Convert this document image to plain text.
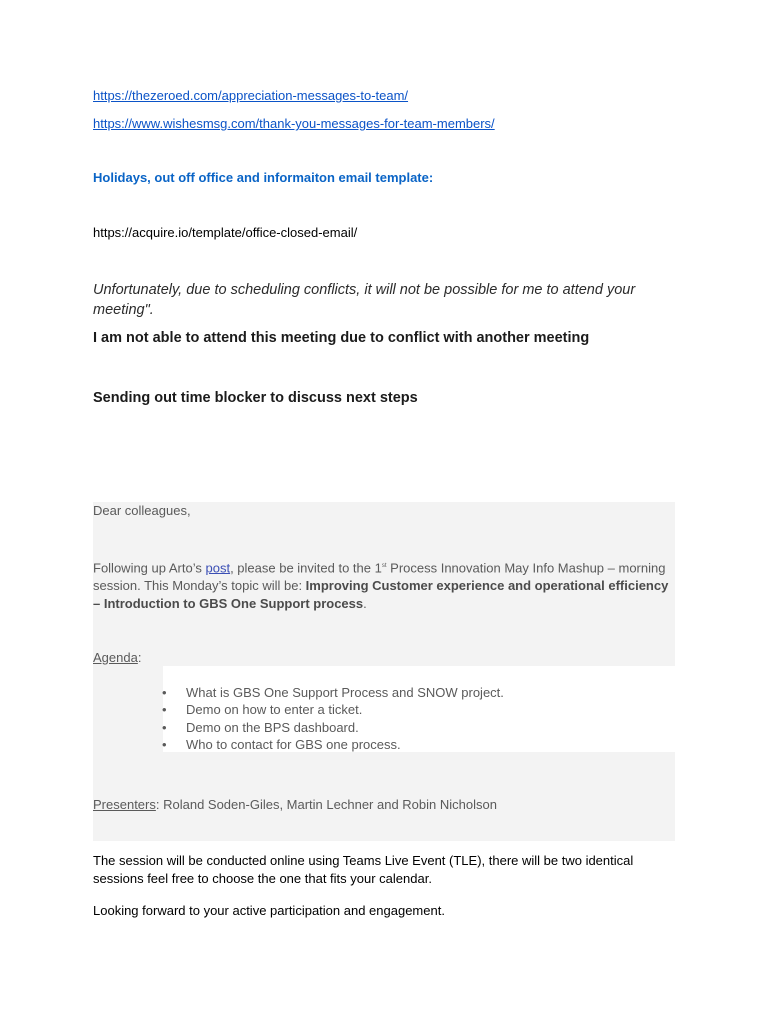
https://thezeroed.com/appreciation-messages-to-team/
https://www.wishesmsg.com/thank-you-messages-for-team-members/

Holidays, out off office and informaiton email template:

https://acquire.io/template/office-closed-email/

Unfortunately, due to scheduling conflicts, it will not be possible for me to attend your meeting".

I am not able to attend this meeting due to conflict with another meeting

Sending out time blocker to discuss next steps

Dear colleagues,

Following up Arto’s post, please be invited to the 1st Process Innovation May Info Mashup – morning session. This Monday’s topic will be: Improving Customer experience and operational efficiency – Introduction to GBS One Support process.

Agenda:

• What is GBS One Support Process and SNOW project.
• Demo on how to enter a ticket.
• Demo on the BPS dashboard.
• Who to contact for GBS one process.

Presenters: Roland Soden-Giles, Martin Lechner and Robin Nicholson

The session will be conducted online using Teams Live Event (TLE), there will be two identical sessions feel free to choose the one that fits your calendar.

Looking forward to your active participation and engagement.
